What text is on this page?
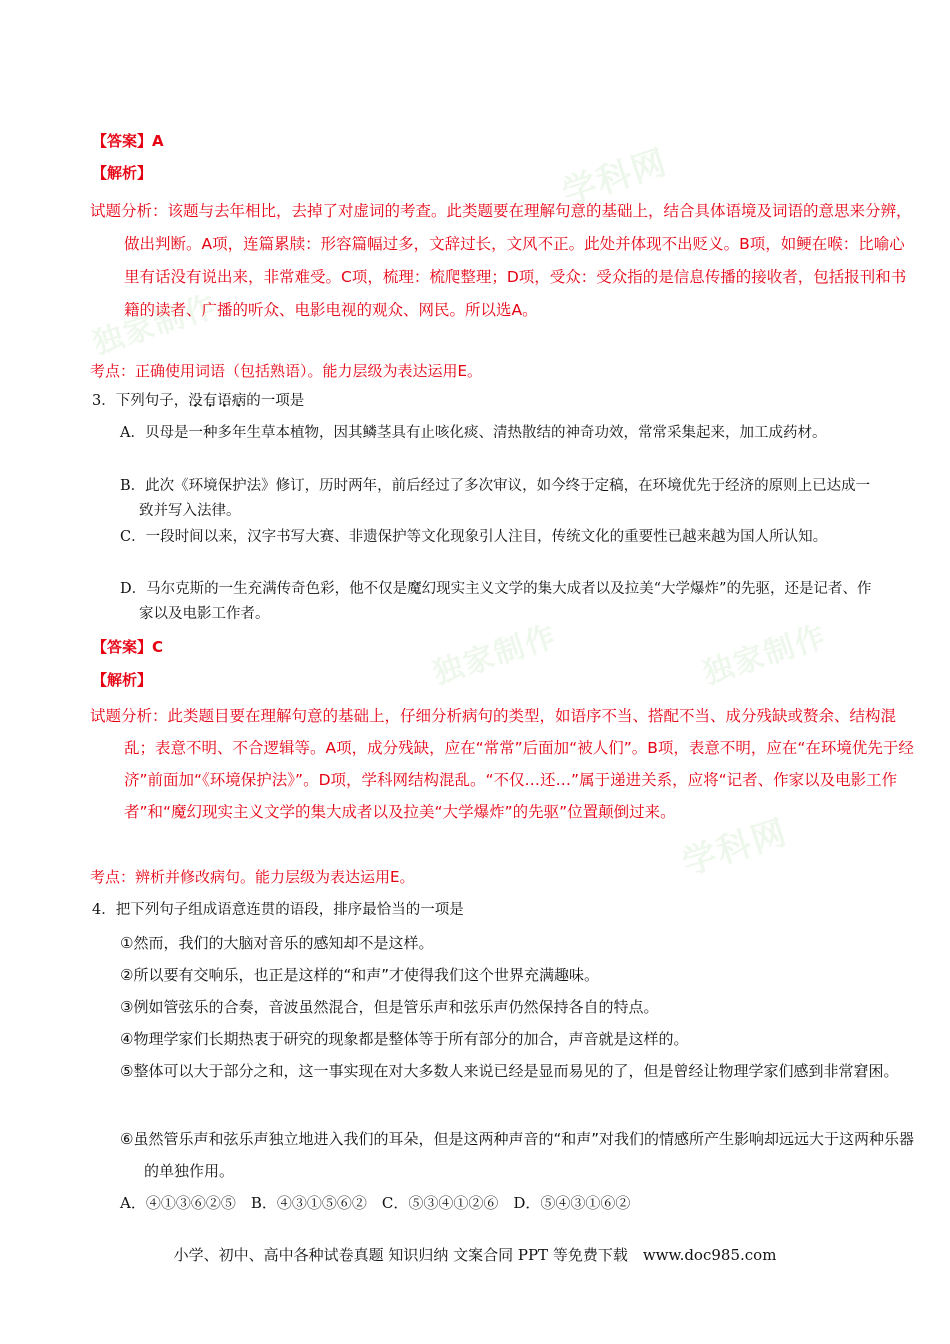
学科网
独家制作
独家制作
独家制作
学科网
【答案】A
【解析】
试题分析：该题与去年相比，去掉了对虚词的考查。此类题要在理解句意的基础上，结合具体语境及词语的意思来分辨，做出判断。A项，连篇累牍：形容篇幅过多，文辞过长，文风不正。此处并体现不出贬义。B项，如鲠在喉：比喻心里有话没有说出来，非常难受。C项，梳理：梳爬整理；D项，受众：受众指的是信息传播的接收者，包括报刊和书籍的读者、广播的听众、电影电视的观众、网民。所以选A。
考点：正确使用词语（包括熟语）。能力层级为表达运用E。
3．下列句子，没有语病的一项是
A．贝母是一种多年生草本植物，因其鳞茎具有止咳化痰、清热散结的神奇功效，常常采集起来，加工成药材。
B．此次《环境保护法》修订，历时两年，前后经过了多次审议，如今终于定稿，在环境优先于经济的原则上已达成一致并写入法律。
C．一段时间以来，汉字书写大赛、非遗保护等文化现象引人注目，传统文化的重要性已越来越为国人所认知。
D．马尔克斯的一生充满传奇色彩，他不仅是魔幻现实主义文学的集大成者以及拉美“大学爆炸”的先驱，还是记者、作家以及电影工作者。
【答案】C
【解析】
试题分析：此类题目要在理解句意的基础上，仔细分析病句的类型，如语序不当、搭配不当、成分残缺或赘余、结构混乱；表意不明、不合逻辑等。A项，成分残缺，应在“常常”后面加“被人们”。B项，表意不明，应在“在环境优先于经济”前面加“《环境保护法》”。D项，学科网结构混乱。“不仅…还…”属于递进关系，应将“记者、作家以及电影工作者”和“魔幻现实主义文学的集大成者以及拉美“大学爆炸”的先驱”位置颠倒过来。
考点：辨析并修改病句。能力层级为表达运用E。
4．把下列句子组成语意连贯的语段，排序最恰当的一项是
①然而，我们的大脑对音乐的感知却不是这样。
②所以要有交响乐，也正是这样的“和声”才使得我们这个世界充满趣味。
③例如管弦乐的合奏，音波虽然混合，但是管乐声和弦乐声仍然保持各自的特点。
④物理学家们长期热衷于研究的现象都是整体等于所有部分的加合，声音就是这样的。
⑤整体可以大于部分之和，这一事实现在对大多数人来说已经是显而易见的了，但是曾经让物理学家们感到非常窘困。
⑥虽然管乐声和弦乐声独立地进入我们的耳朵，但是这两种声音的“和声”对我们的情感所产生影响却远远大于这两种乐器的单独作用。
A．④①③⑥②⑤　B．④③①⑤⑥②　C．⑤③④①②⑥　D．⑤④③①⑥②
小学、初中、高中各种试卷真题 知识归纳 文案合同 PPT 等免费下载　www.doc985.com
